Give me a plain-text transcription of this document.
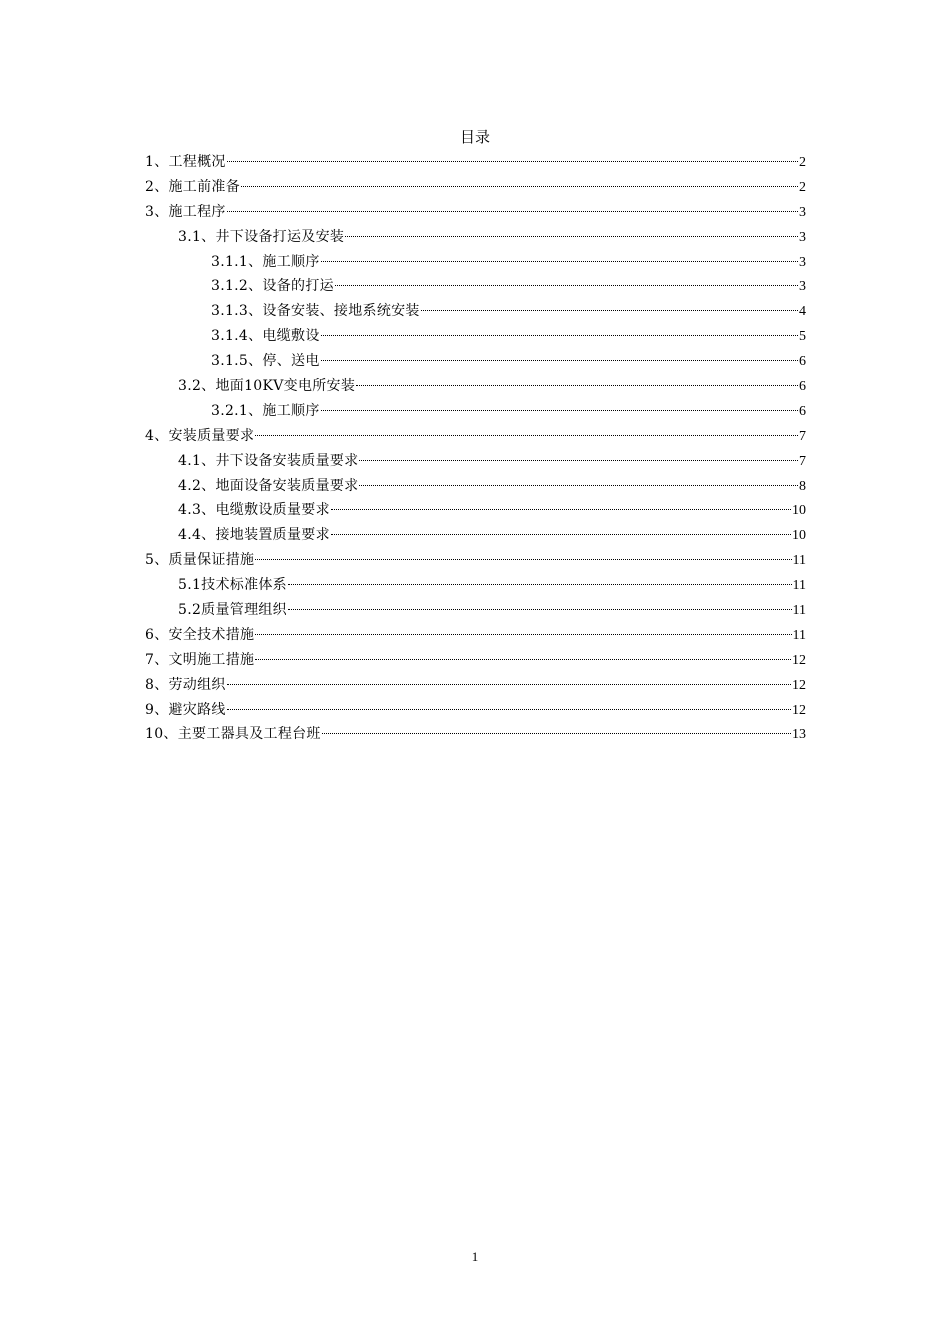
目录
1、工程概况	2
2、施工前准备	2
3、施工程序	3
3.1、井下设备打运及安装	3
3.1.1、施工顺序	3
3.1.2、设备的打运	3
3.1.3、设备安装、接地系统安装	4
3.1.4、电缆敷设	5
3.1.5、停、送电	6
3.2、地面10KV变电所安装	6
3.2.1、施工顺序	6
4、安装质量要求	7
4.1、井下设备安装质量要求	7
4.2、地面设备安装质量要求	8
4.3、电缆敷设质量要求	10
4.4、接地装置质量要求	10
5、质量保证措施	11
5.1技术标准体系	11
5.2质量管理组织	11
6、安全技术措施	11
7、文明施工措施	12
8、劳动组织	12
9、避灾路线	12
10、主要工器具及工程台班	13
1
